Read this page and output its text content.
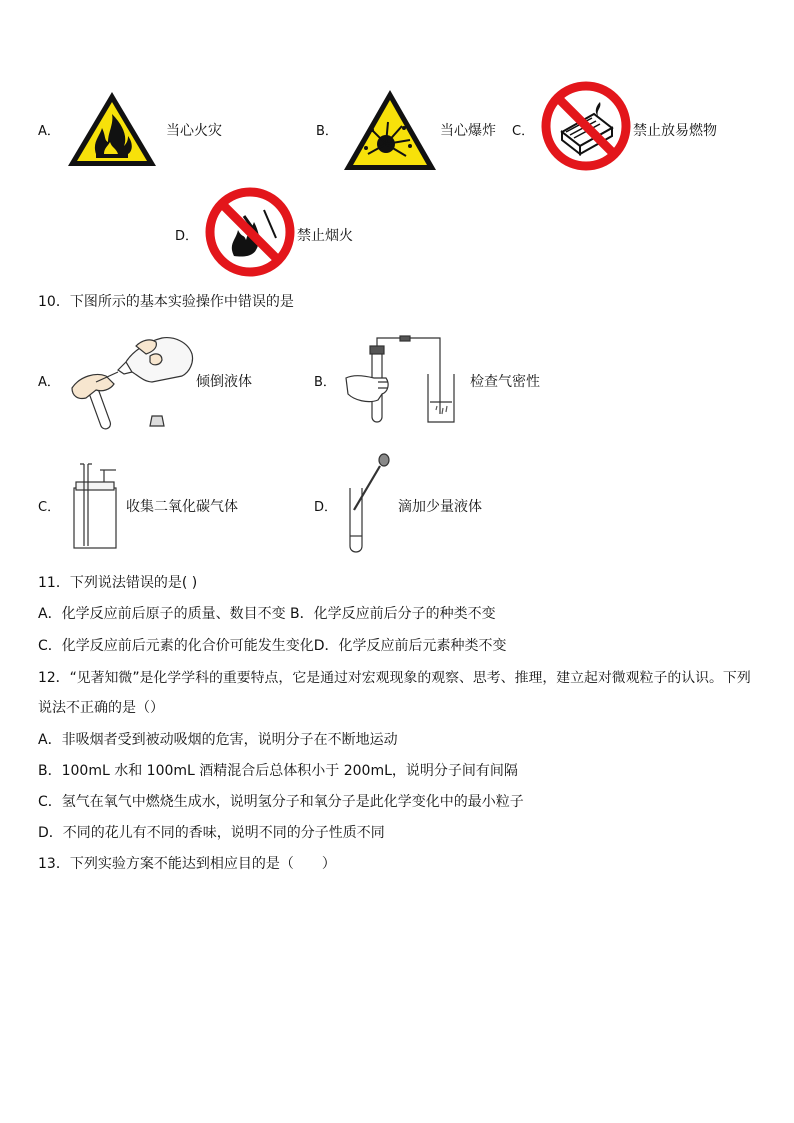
A．	当心火灾	B．	当心爆炸 C．	禁止放易燃物
D．	禁止烟火
10．下图所示的基本实验操作中错误的是
A．	倾倒液体	B．	检查气密性
C．	收集二氧化碳气体	D．	滴加少量液体
11．下列说法错误的是( )
A．化学反应前后原子的质量、数目不变 B．化学反应前后分子的种类不变
C．化学反应前后元素的化合价可能发生变化D．化学反应前后元素种类不变
12．“见著知微”是化学学科的重要特点，它是通过对宏观现象的观察、思考、推理，建立起对微观粒子的认识。下列
说法不正确的是（）
A．非吸烟者受到被动吸烟的危害，说明分子在不断地运动
B．100mL 水和 100mL 酒精混合后总体积小于 200mL，说明分子间有间隔
C．氢气在氧气中燃烧生成水，说明氢分子和氧分子是此化学变化中的最小粒子
D．不同的花儿有不同的香味，说明不同的分子性质不同
13．下列实验方案不能达到相应目的是（　　）
